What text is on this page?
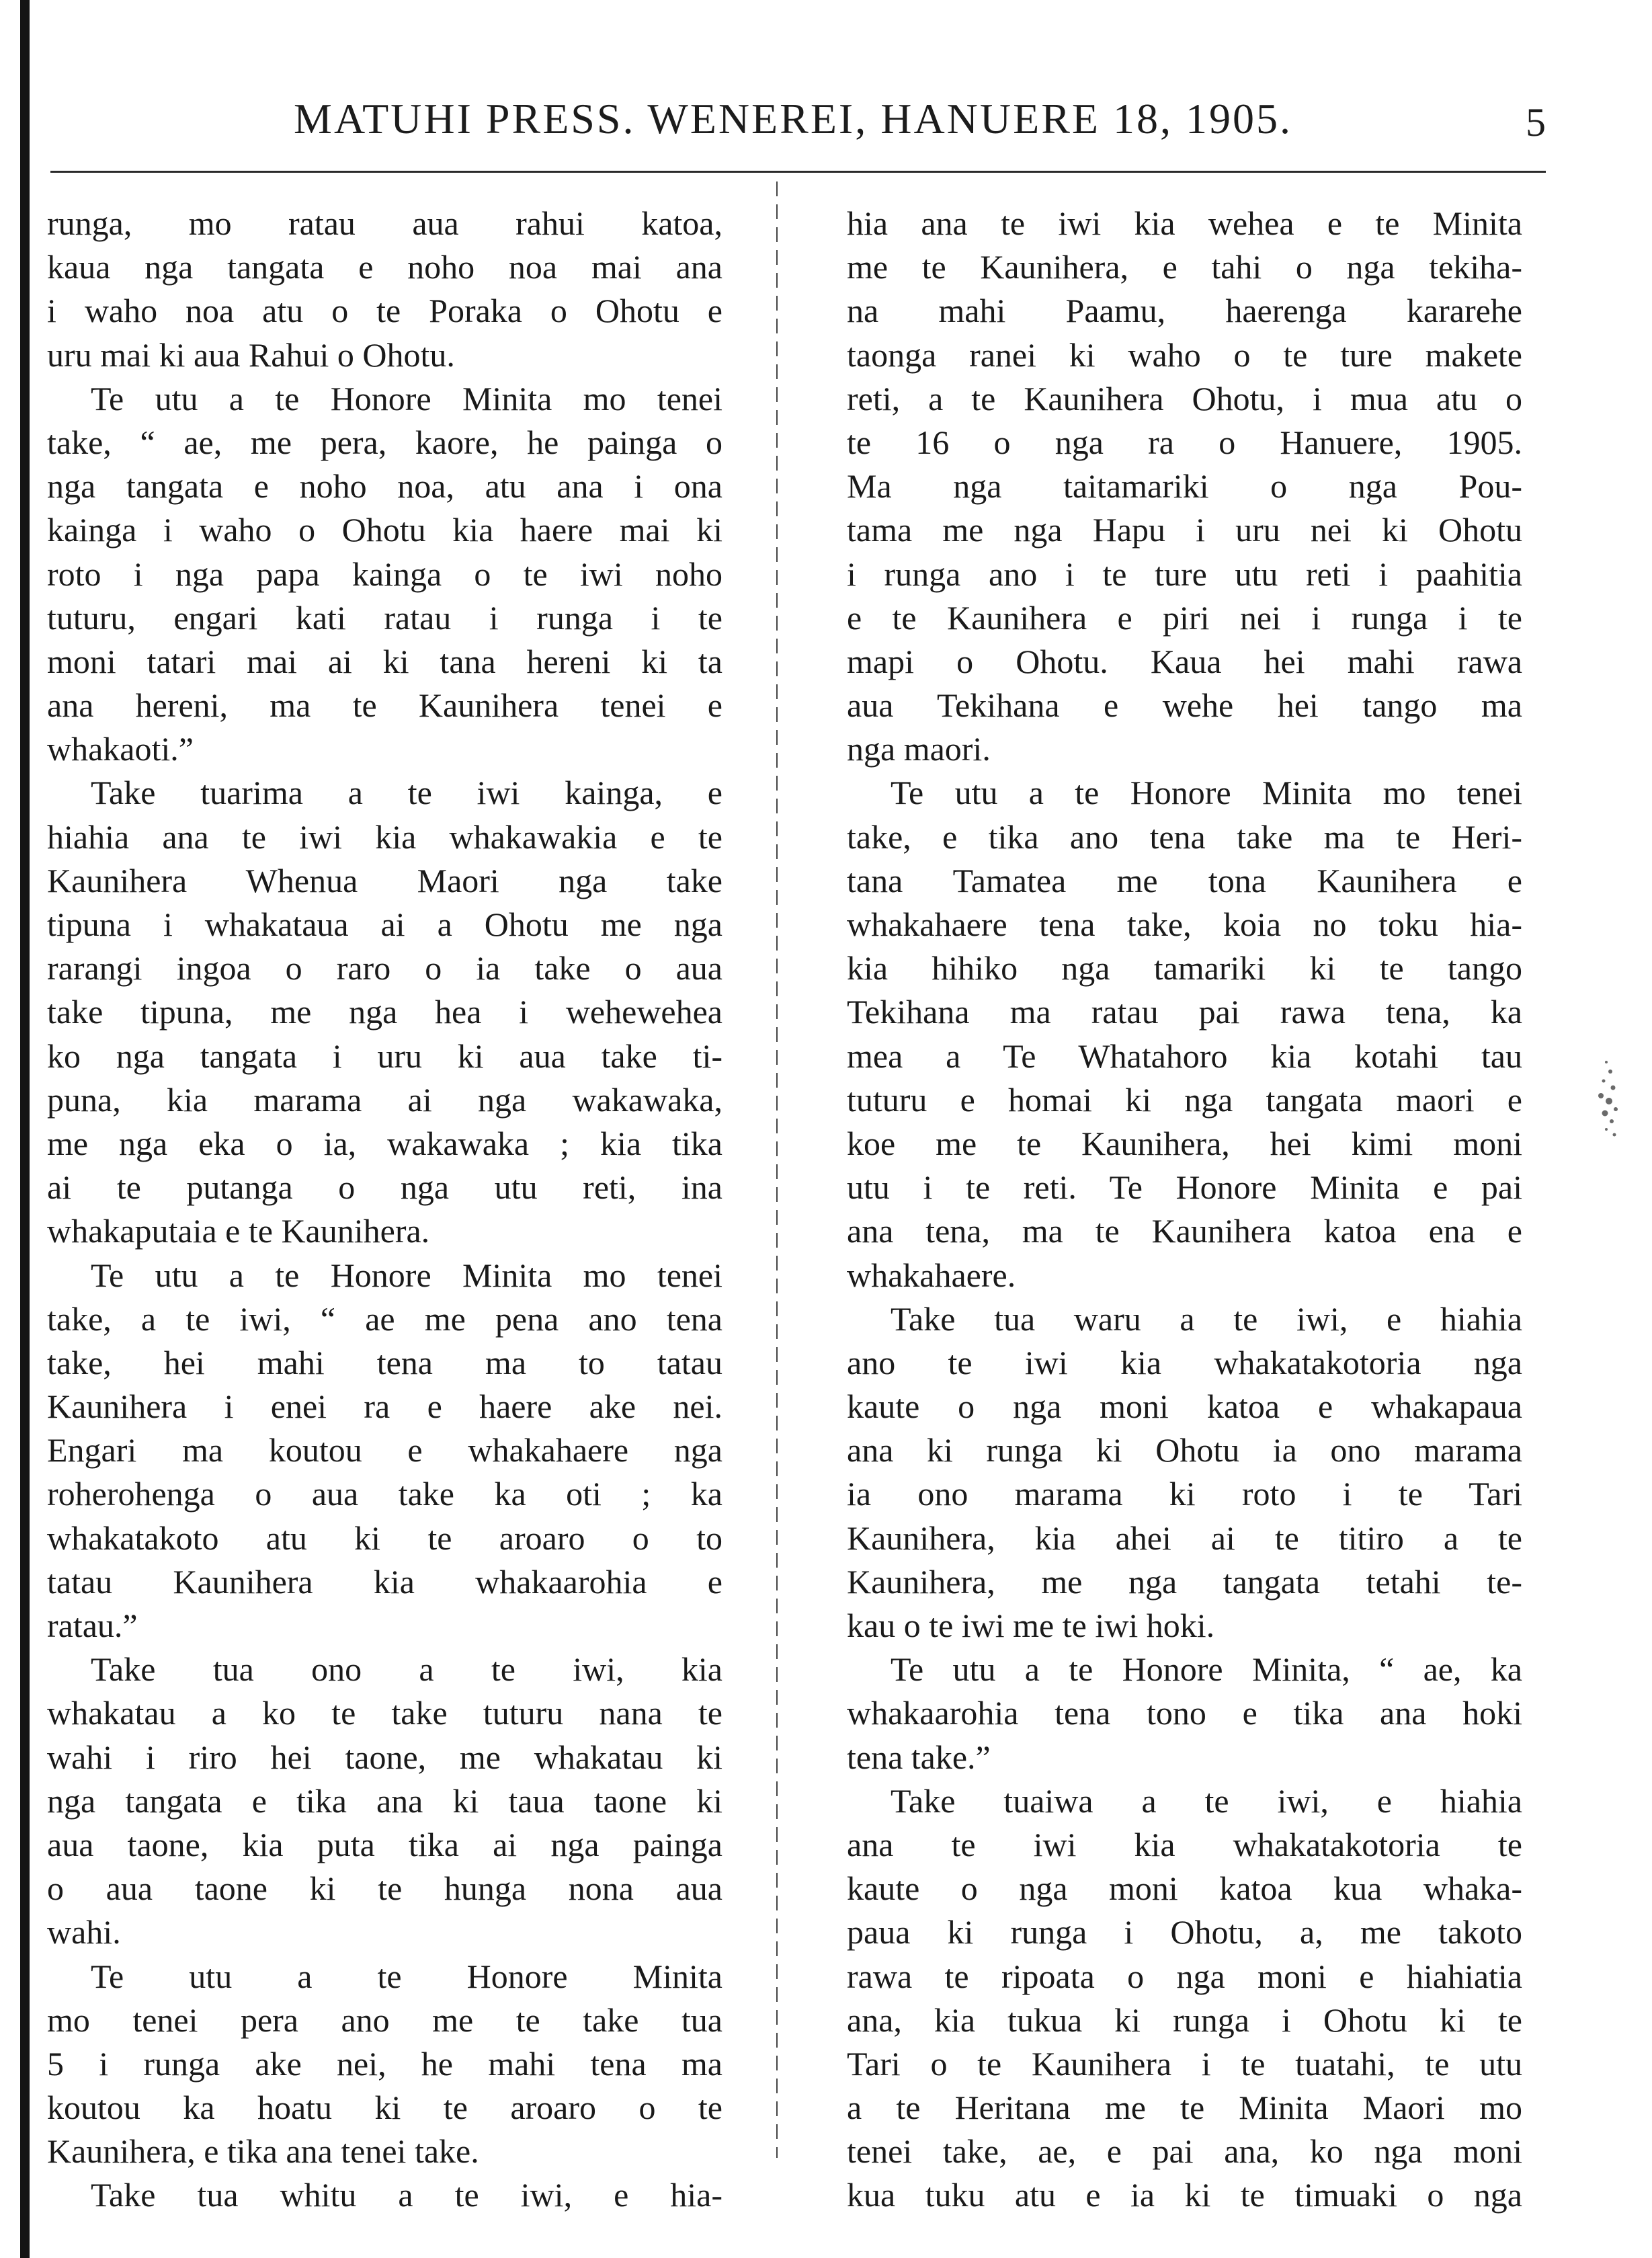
MATUHI PRESS. WENEREI, HANUERE 18, 1905.	5
runga, mo ratau aua rahui katoa,
kaua nga tangata e noho noa mai ana
i waho noa atu o te Poraka o Ohotu e
uru mai ki aua Rahui o Ohotu.
Te utu a te Honore Minita mo tenei
take, “ ae, me pera, kaore, he painga o
nga tangata e noho noa, atu ana i ona
kainga i waho o Ohotu kia haere mai ki
roto i nga papa kainga o te iwi noho
tuturu, engari kati ratau i runga i te
moni tatari mai ai ki tana hereni ki ta
ana hereni, ma te Kaunihera tenei e
whakaoti.”
Take tuarima a te iwi kainga, e
hiahia ana te iwi kia whakawakia e te
Kaunihera Whenua Maori nga take
tipuna i whakataua ai a Ohotu me nga
rarangi ingoa o raro o ia take o aua
take tipuna, me nga hea i wehewehea
ko nga tangata i uru ki aua take ti-
puna, kia marama ai nga wakawaka,
me nga eka o ia, wakawaka ; kia tika
ai te putanga o nga utu reti, ina
whakaputaia e te Kaunihera.
Te utu a te Honore Minita mo tenei
take, a te iwi, “ ae me pena ano tena
take, hei mahi tena ma to tatau
Kaunihera i enei ra e haere ake nei.
Engari ma koutou e whakahaere nga
roherohenga o aua take ka oti ; ka
whakatakoto atu ki te aroaro o to
tatau Kaunihera kia whakaarohia e
ratau.”
Take tua ono a te iwi, kia
whakatau a ko te take tuturu nana te
wahi i riro hei taone, me whakatau ki
nga tangata e tika ana ki taua taone ki
aua taone, kia puta tika ai nga painga
o aua taone ki te hunga nona aua
wahi.
Te utu a te Honore Minita
mo tenei pera ano me te take tua
5 i runga ake nei, he mahi tena ma
koutou ka hoatu ki te aroaro o te
Kaunihera, e tika ana tenei take.
Take tua whitu a te iwi, e hia-
hia ana te iwi kia wehea e te Minita
me te Kaunihera, e tahi o nga tekiha-
na mahi Paamu, haerenga kararehe
taonga ranei ki waho o te ture makete
reti, a te Kaunihera Ohotu, i mua atu o
te 16 o nga ra o Hanuere, 1905.
Ma nga taitamariki o nga Pou-
tama me nga Hapu i uru nei ki Ohotu
i runga ano i te ture utu reti i paahitia
e te Kaunihera e piri nei i runga i te
mapi o Ohotu. Kaua hei mahi rawa
aua Tekihana e wehe hei tango ma
nga maori.
Te utu a te Honore Minita mo tenei
take, e tika ano tena take ma te Heri-
tana Tamatea me tona Kaunihera e
whakahaere tena take, koia no toku hia-
kia hihiko nga tamariki ki te tango
Tekihana ma ratau pai rawa tena, ka
mea a Te Whatahoro kia kotahi tau
tuturu e homai ki nga tangata maori e
koe me te Kaunihera, hei kimi moni
utu i te reti. Te Honore Minita e pai
ana tena, ma te Kaunihera katoa ena e
whakahaere.
Take tua waru a te iwi, e hiahia
ano te iwi kia whakatakotoria nga
kaute o nga moni katoa e whakapaua
ana ki runga ki Ohotu ia ono marama
ia ono marama ki roto i te Tari
Kaunihera, kia ahei ai te titiro a te
Kaunihera, me nga tangata tetahi te-
kau o te iwi me te iwi hoki.
Te utu a te Honore Minita, “ ae, ka
whakaarohia tena tono e tika ana hoki
tena take.”
Take tuaiwa a te iwi, e hiahia
ana te iwi kia whakatakotoria te
kaute o nga moni katoa kua whaka-
paua ki runga i Ohotu, a, me takoto
rawa te ripoata o nga moni e hiahiatia
ana, kia tukua ki runga i Ohotu ki te
Tari o te Kaunihera i te tuatahi, te utu
a te Heritana me te Minita Maori mo
tenei take, ae, e pai ana, ko nga moni
kua tuku atu e ia ki te timuaki o nga
